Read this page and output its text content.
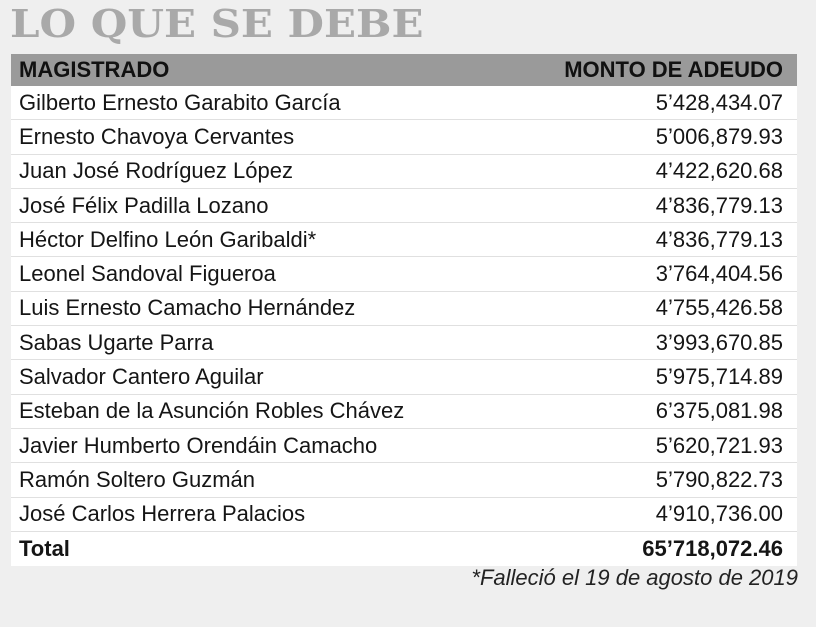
LO QUE SE DEBE
MAGISTRADO	MONTO DE ADEUDO
Gilberto Ernesto Garabito García	5’428,434.07
Ernesto Chavoya Cervantes	5’006,879.93
Juan José Rodríguez López	4’422,620.68
José Félix Padilla Lozano	4’836,779.13
Héctor Delfino León Garibaldi*	4’836,779.13
Leonel Sandoval Figueroa	3’764,404.56
Luis Ernesto Camacho Hernández	4’755,426.58
Sabas Ugarte Parra	3’993,670.85
Salvador Cantero Aguilar	5’975,714.89
Esteban de la Asunción Robles Chávez	6’375,081.98
Javier Humberto Orendáin Camacho	5’620,721.93
Ramón Soltero Guzmán	5’790,822.73
José Carlos Herrera Palacios	4’910,736.00
Total	65’718,072.46
*Falleció el 19 de agosto de 2019
